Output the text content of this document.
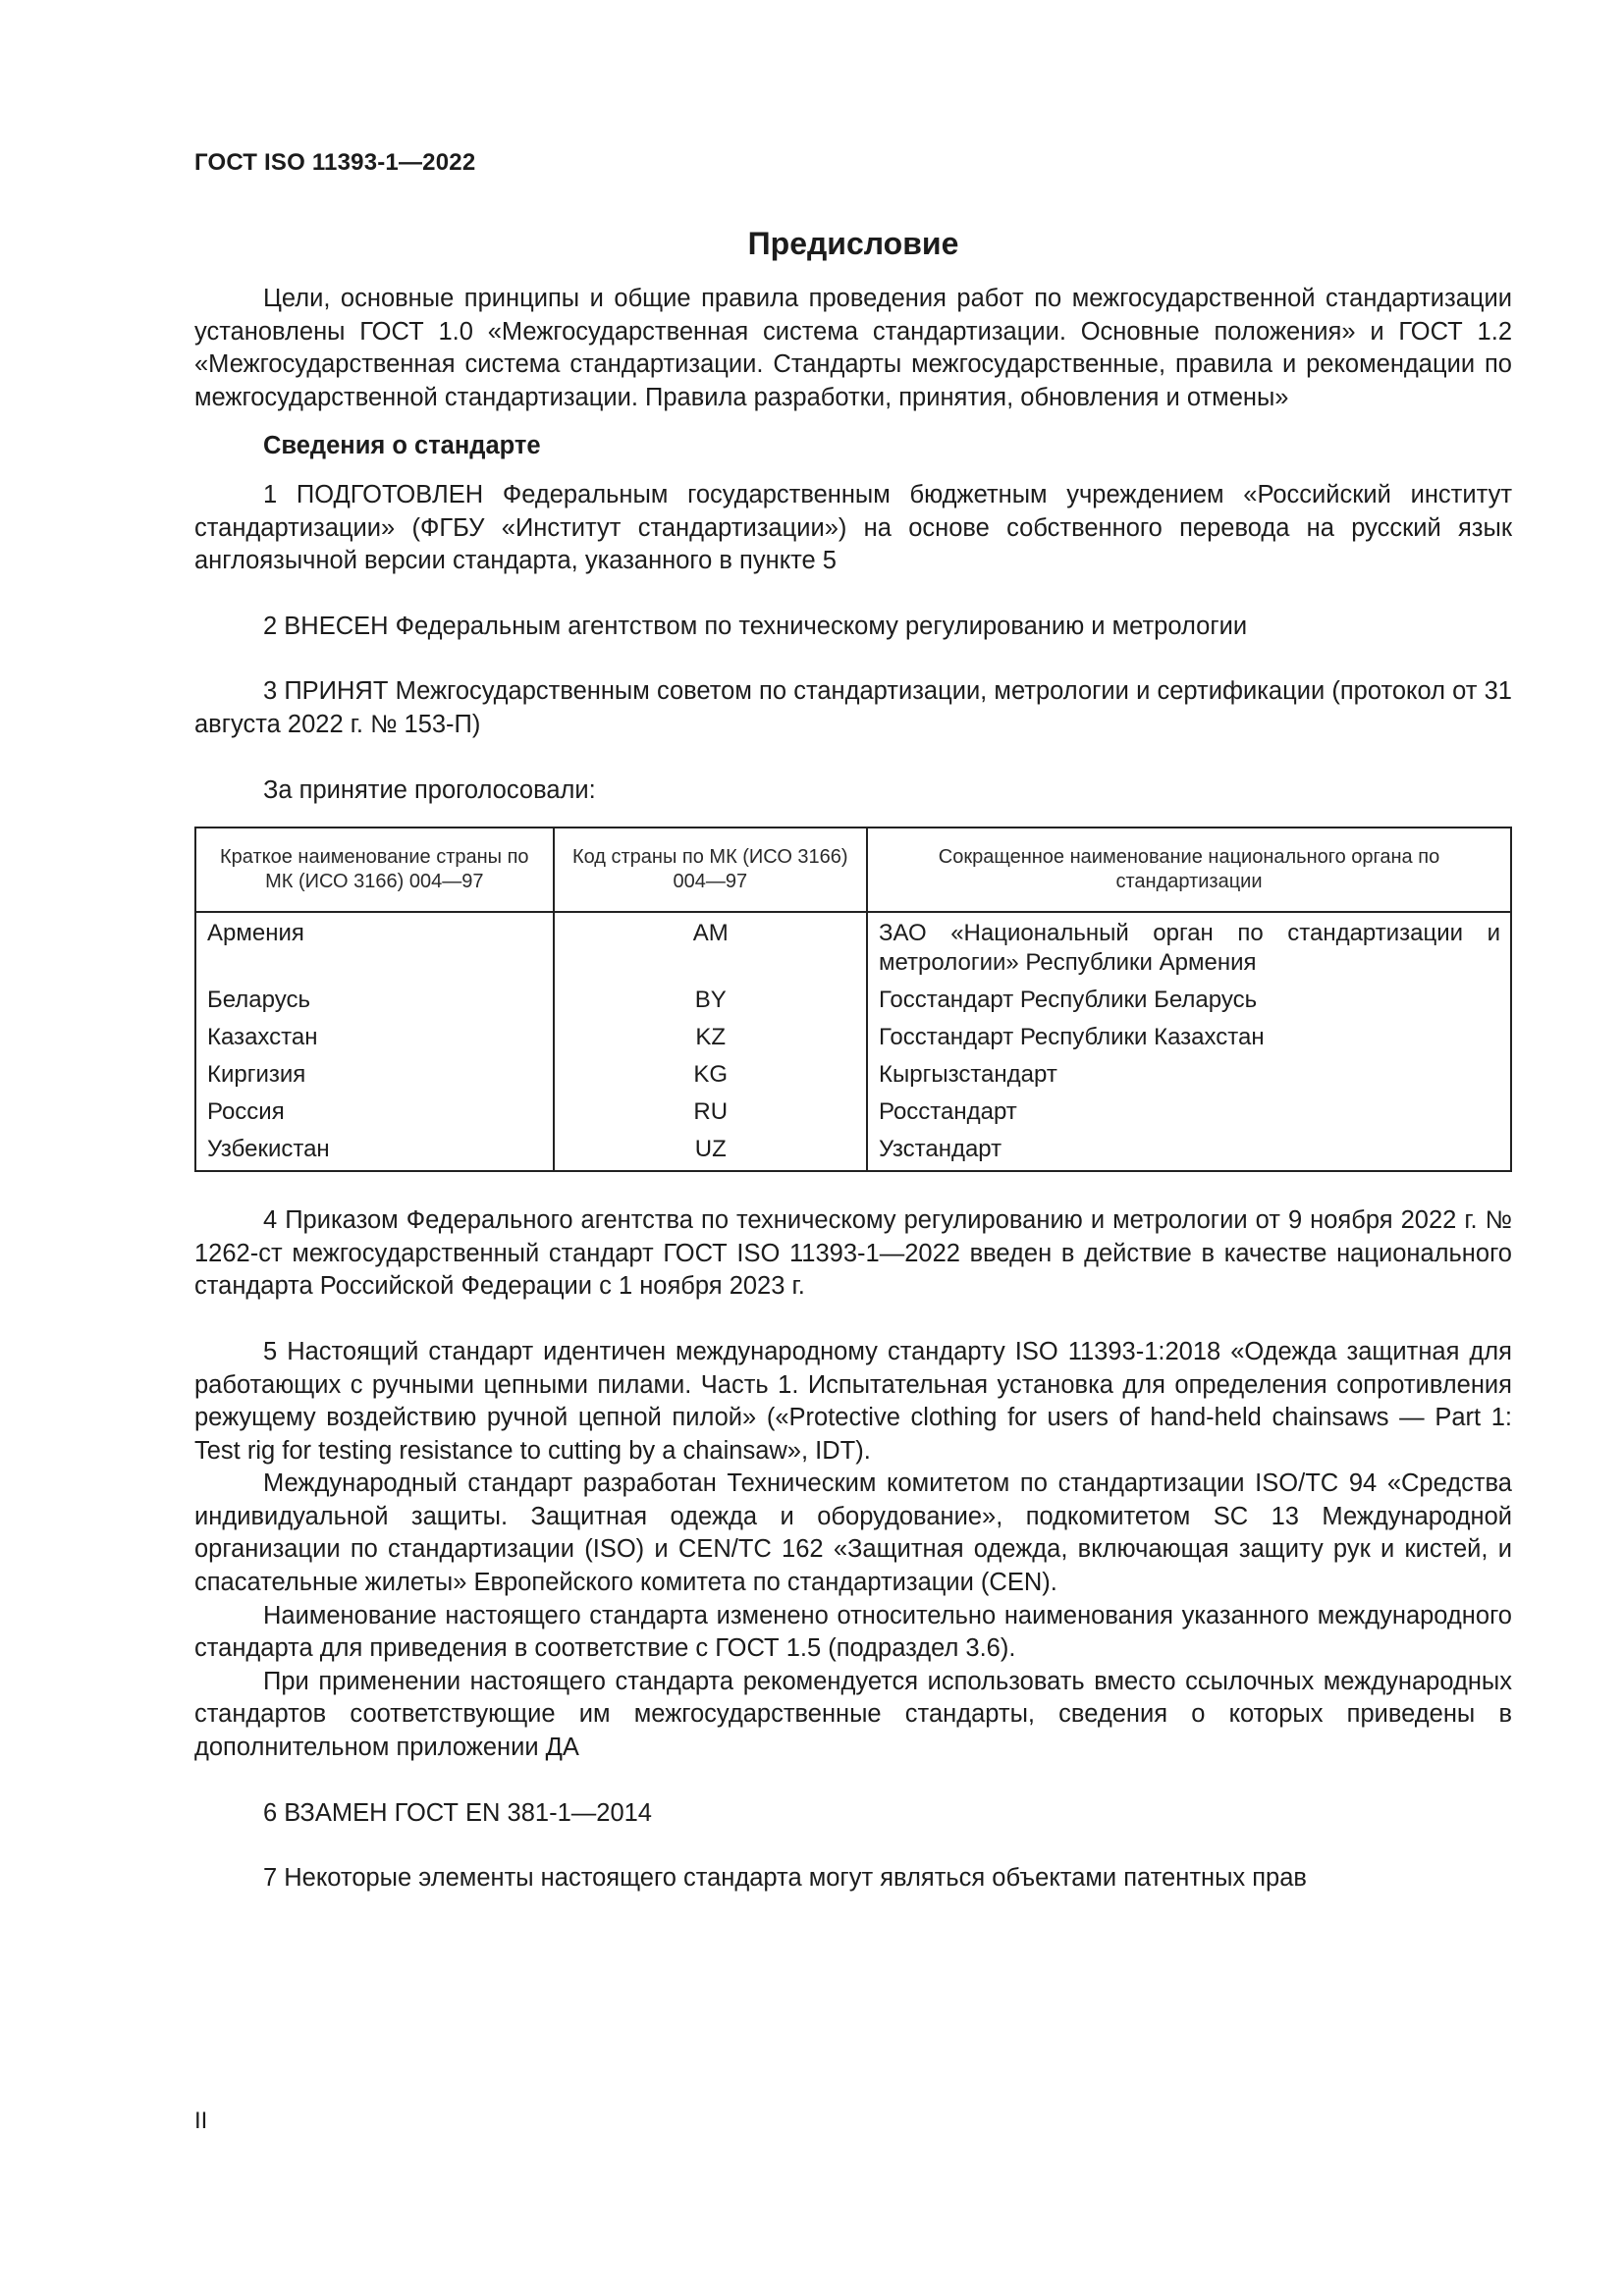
ГОСТ ISO 11393-1—2022
Предисловие

Цели, основные принципы и общие правила проведения работ по межгосударственной стандартизации установлены ГОСТ 1.0 «Межгосударственная система стандартизации. Основные положения» и ГОСТ 1.2 «Межгосударственная система стандартизации. Стандарты межгосударственные, правила и рекомендации по межгосударственной стандартизации. Правила разработки, принятия, обновления и отмены»

Сведения о стандарте

1 ПОДГОТОВЛЕН Федеральным государственным бюджетным учреждением «Российский институт стандартизации» (ФГБУ «Институт стандартизации») на основе собственного перевода на русский язык англоязычной версии стандарта, указанного в пункте 5

2 ВНЕСЕН Федеральным агентством по техническому регулированию и метрологии

3 ПРИНЯТ Межгосударственным советом по стандартизации, метрологии и сертификации (протокол от 31 августа 2022 г. № 153-П)

За принятие проголосовали:

Краткое наименование страны по МК (ИСО 3166) 004—97	Код страны по МК (ИСО 3166) 004—97	Сокращенное наименование национального органа по стандартизации
Армения	AM	ЗАО «Национальный орган по стандартизации и метрологии» Республики Армения
Беларусь	BY	Госстандарт Республики Беларусь
Казахстан	KZ	Госстандарт Республики Казахстан
Киргизия	KG	Кыргызстандарт
Россия	RU	Росстандарт
Узбекистан	UZ	Узстандарт

4 Приказом Федерального агентства по техническому регулированию и метрологии от 9 ноября 2022 г. № 1262-ст межгосударственный стандарт ГОСТ ISO 11393-1—2022 введен в действие в качестве национального стандарта Российской Федерации с 1 ноября 2023 г.

5 Настоящий стандарт идентичен международному стандарту ISO 11393-1:2018 «Одежда защитная для работающих с ручными цепными пилами. Часть 1. Испытательная установка для определения сопротивления режущему воздействию ручной цепной пилой» («Protective clothing for users of hand-held chainsaws — Part 1: Test rig for testing resistance to cutting by a chainsaw», IDT).

Международный стандарт разработан Техническим комитетом по стандартизации ISO/TC 94 «Средства индивидуальной защиты. Защитная одежда и оборудование», подкомитетом SC 13 Международной организации по стандартизации (ISO) и CEN/TC 162 «Защитная одежда, включающая защиту рук и кистей, и спасательные жилеты» Европейского комитета по стандартизации (CEN).

Наименование настоящего стандарта изменено относительно наименования указанного международного стандарта для приведения в соответствие с ГОСТ 1.5 (подраздел 3.6).

При применении настоящего стандарта рекомендуется использовать вместо ссылочных международных стандартов соответствующие им межгосударственные стандарты, сведения о которых приведены в дополнительном приложении ДА

6 ВЗАМЕН ГОСТ EN 381-1—2014

7 Некоторые элементы настоящего стандарта могут являться объектами патентных прав

II
